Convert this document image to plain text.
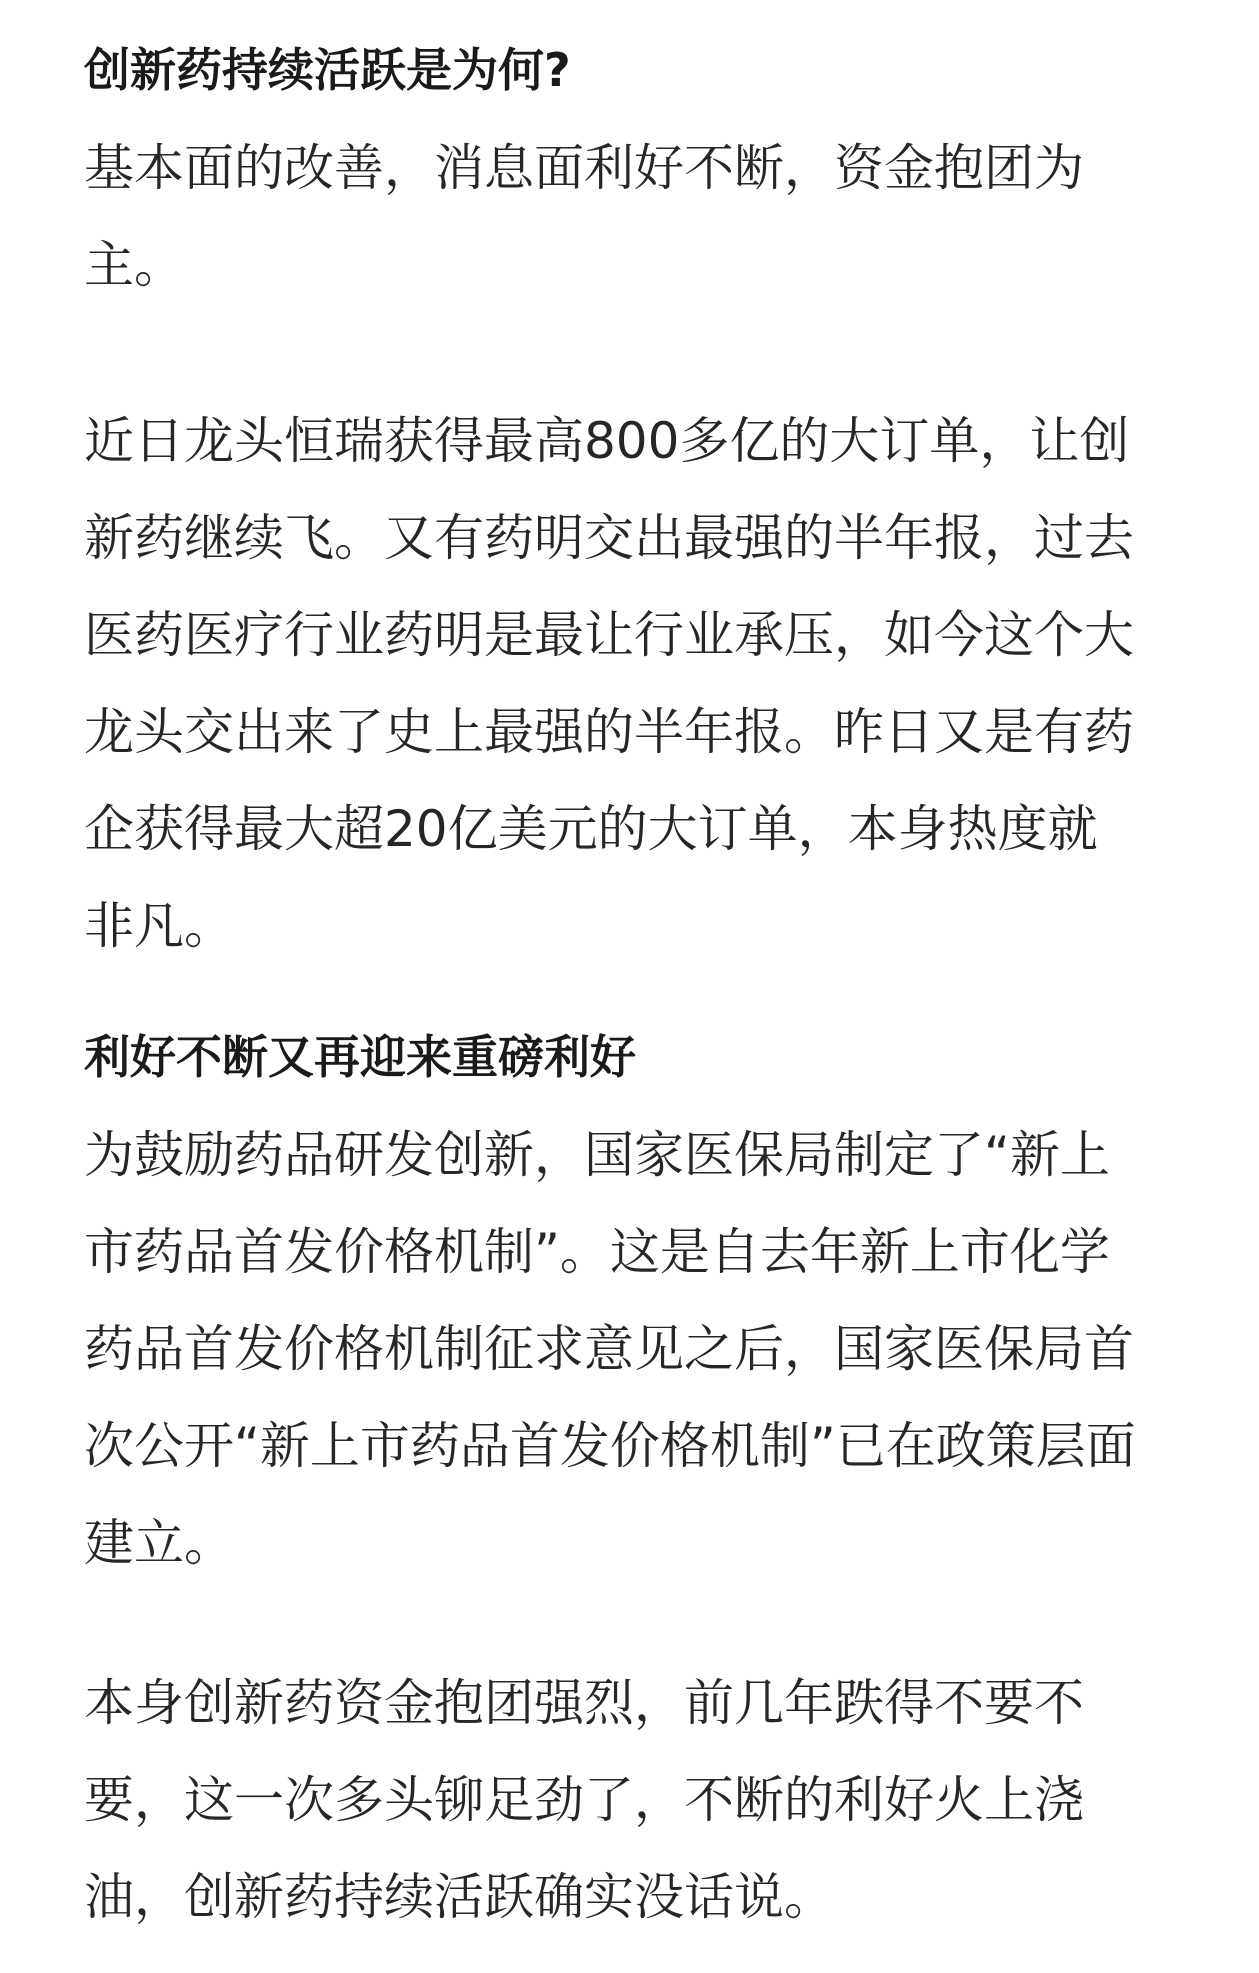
创新药持续活跃是为何?

基本面的改善，消息面利好不断，资金抱团为
主。

近日龙头恒瑞获得最高800多亿的大订单，让创
新药继续飞。又有药明交出最强的半年报，过去
医药医疗行业药明是最让行业承压，如今这个大
龙头交出来了史上最强的半年报。昨日又是有药
企获得最大超20亿美元的大订单，本身热度就
非凡。

利好不断又再迎来重磅利好

为鼓励药品研发创新，国家医保局制定了“新上
市药品首发价格机制”。这是自去年新上市化学
药品首发价格机制征求意见之后，国家医保局首
次公开“新上市药品首发价格机制”已在政策层面
建立。

本身创新药资金抱团强烈，前几年跌得不要不
要，这一次多头铆足劲了，不断的利好火上浇
油，创新药持续活跃确实没话说。
